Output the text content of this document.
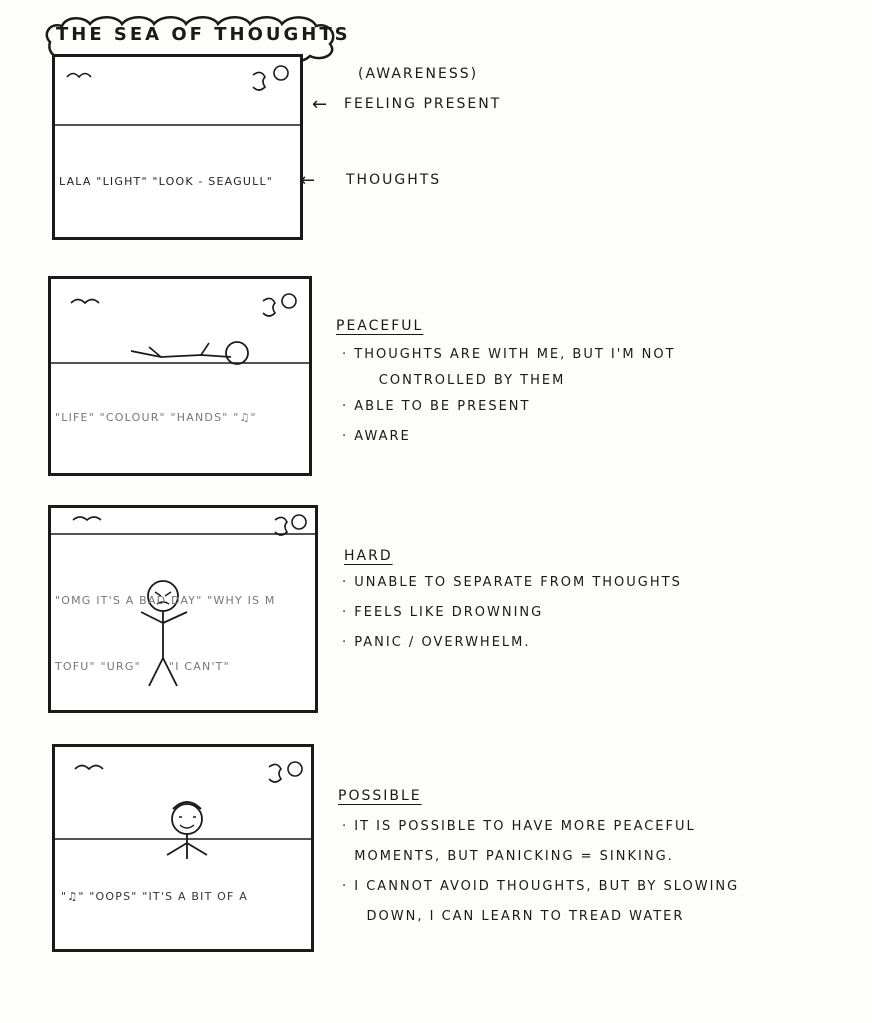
THE SEA OF THOUGHTS

LALA "LIGHT" "LOOK - SEAGULL"

(AWARENESS)
← FEELING PRESENT
← THOUGHTS

"LIFE" "COLOUR" "HANDS" "♫"

PEACEFUL
· THOUGHTS ARE WITH ME, BUT I'M NOT
CONTROLLED BY THEM
· ABLE TO BE PRESENT
· AWARE

"OMG IT'S A BAD DAY" "WHY IS M

TOFU" "URG"      "I CAN'T"

HARD
· UNABLE TO SEPARATE FROM THOUGHTS
· FEELS LIKE DROWNING
· PANIC / OVERWHELM.

"♫" "OOPS" "IT'S A BIT OF A

POSSIBLE
· IT IS POSSIBLE TO HAVE MORE PEACEFUL
MOMENTS, BUT PANICKING = SINKING.
· I CANNOT AVOID THOUGHTS, BUT BY SLOWING
DOWN, I CAN LEARN TO TREAD WATER
